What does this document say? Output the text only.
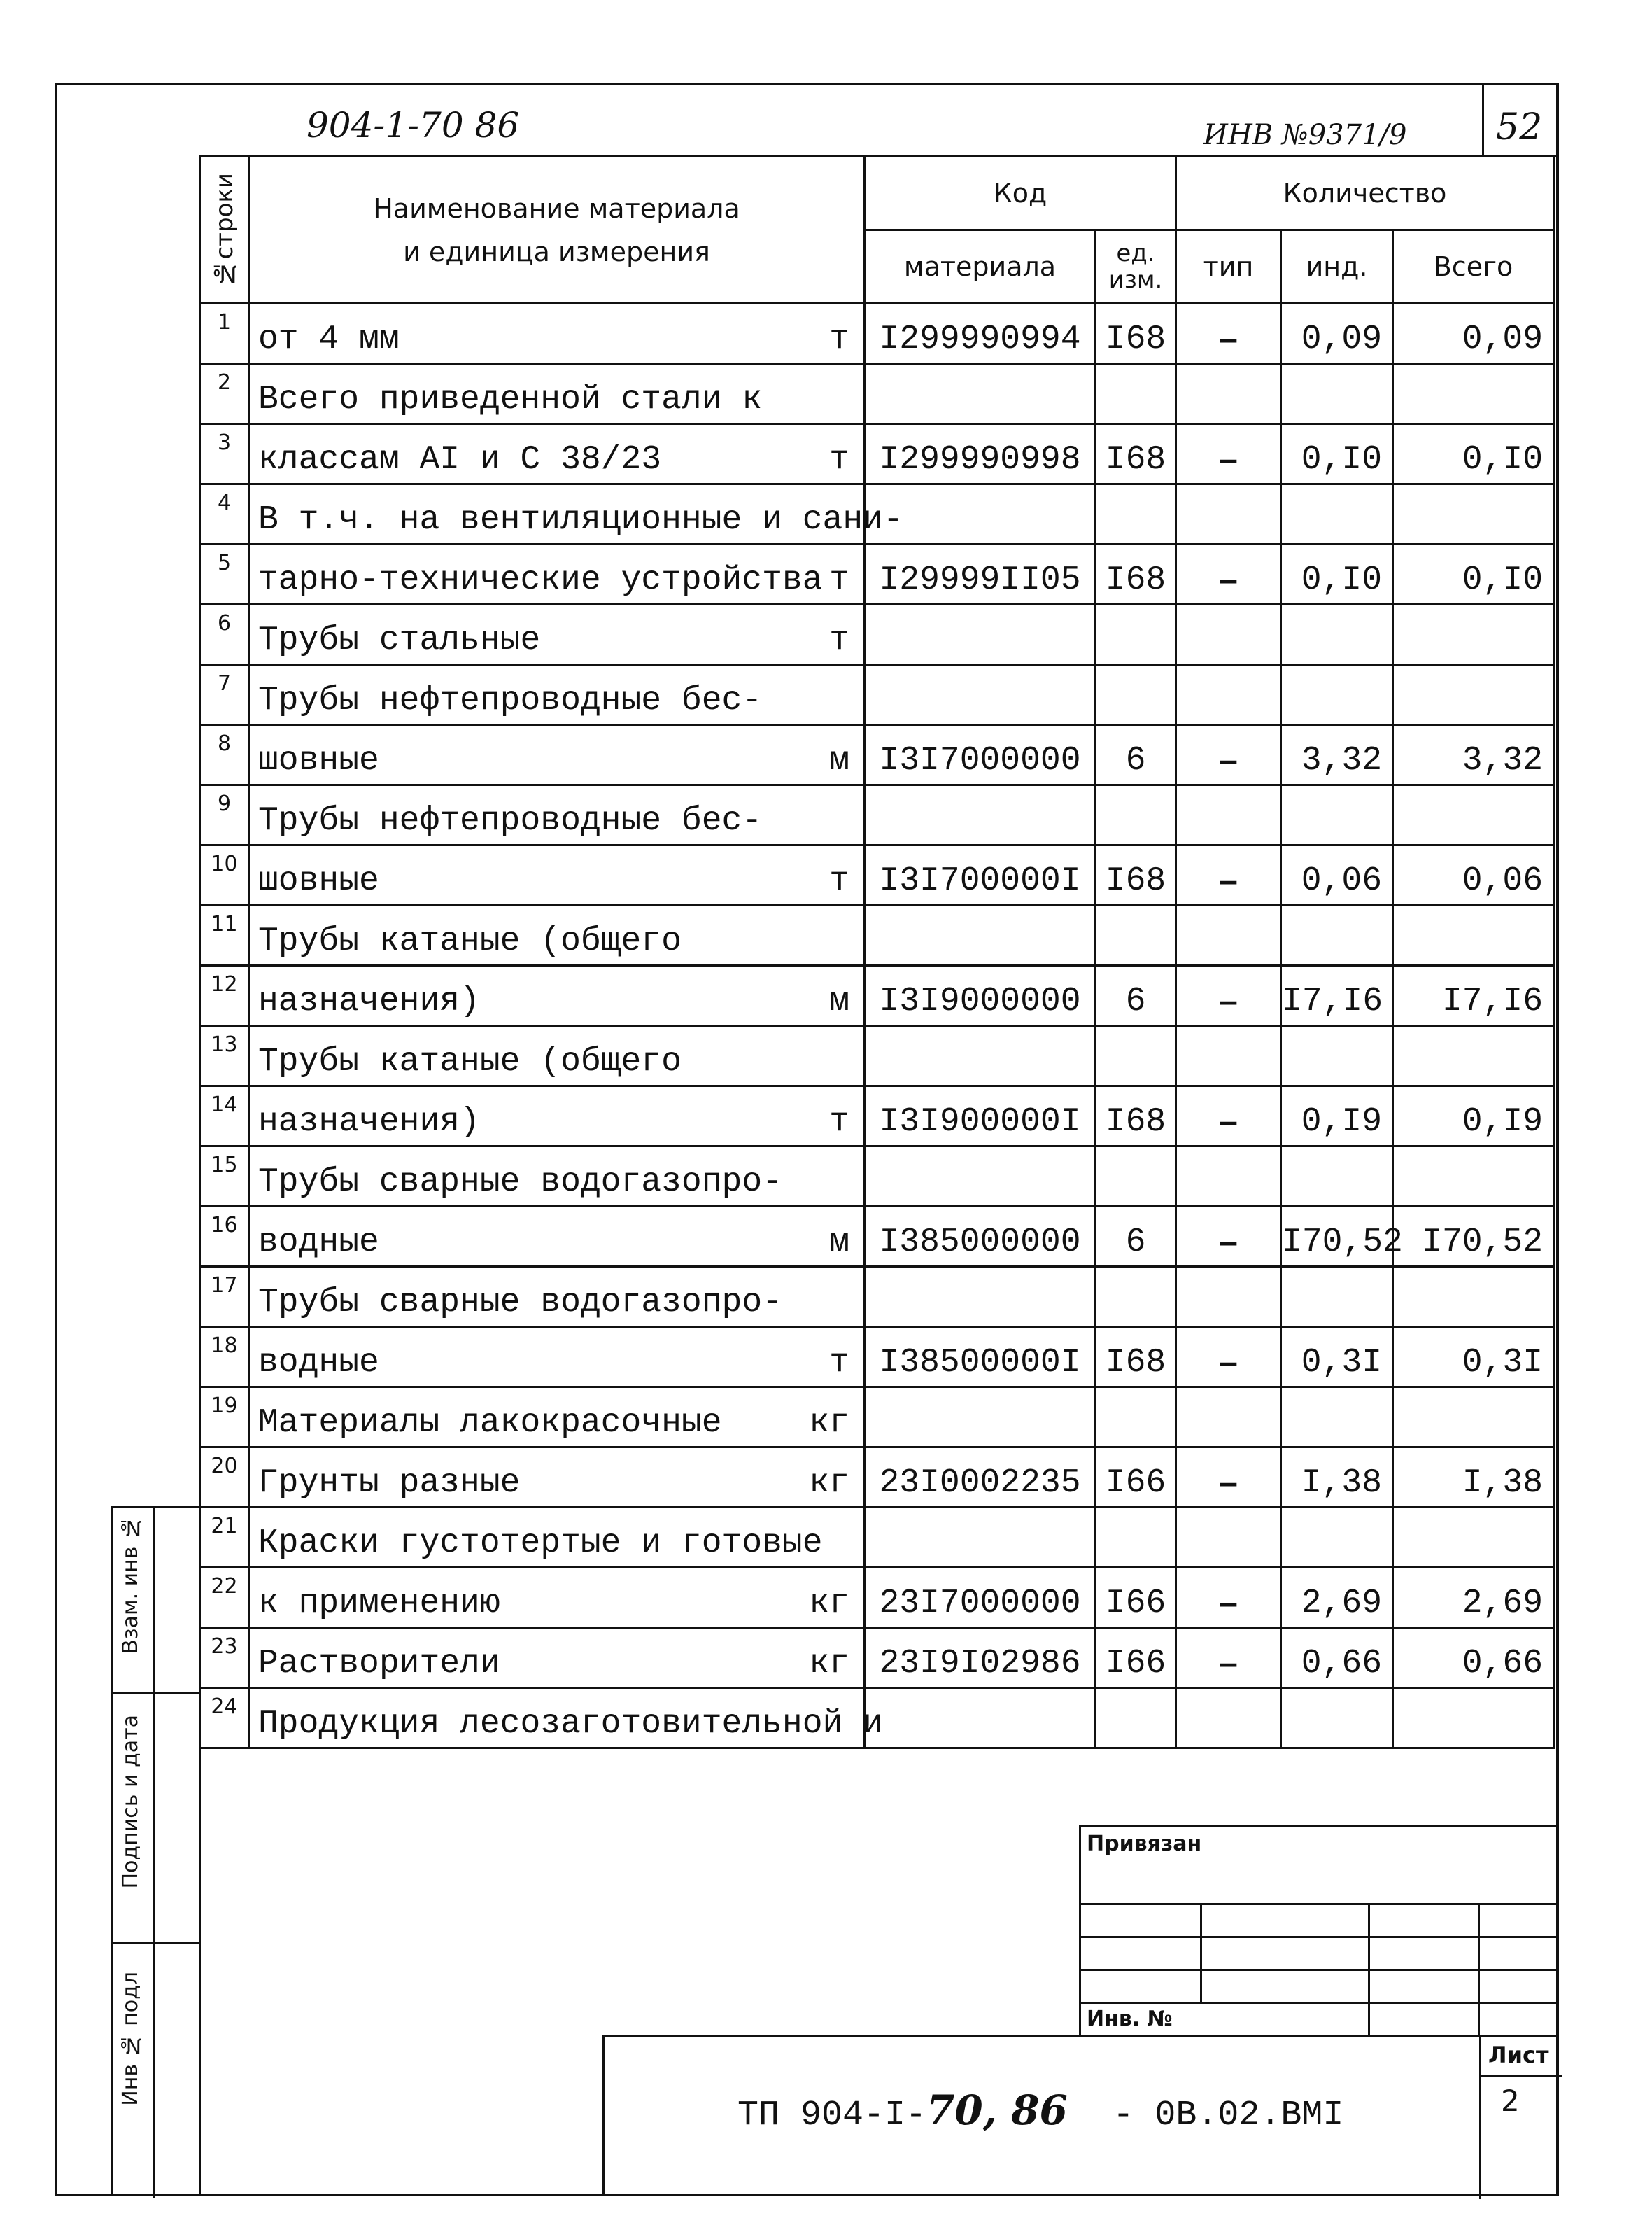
904-1-70 86	ИНВ №9371/9 52
№строки	Наименование материала и единица измерения	Код		Количество		
		материала	ед. изм.	тип	инд.	Всего
1	от 4 мм т	I299990994	I68	–	0,09	0,09
2	Всего приведенной стали к

3	классам AI и С 38/23 т	I299990998	I68	–	0,I0	0,I0
4	В т.ч. на вентиляционные и сани-

5	тарно-технические устройства т	I29999II05	I68	–	0,I0	0,I0
6	Трубы стальные т					

7	Трубы нефтепроводные бес-

8	шовные м	I3I7000000	6	–	3,32	3,32
9	Трубы нефтепроводные бес-

10	шовные т	I3I700000I	I68	–	0,06	0,06
11	Трубы катаные (общего

12	назначения) м	I3I9000000	6	–	I7,I6	I7,I6
13	Трубы катаные (общего

14	назначения) т	I3I900000I	I68	–	0,I9	0,I9
15	Трубы сварные водогазопро-

16	водные м	I385000000	6	–	I70,52	I70,52
17	Трубы сварные водогазопро-

18	водные т	I38500000I	I68	–	0,3I	0,3I
19	Материалы лакокрасочные кг					

20	Грунты разные кг	23I0002235	I66	–	I,38	I,38
21	Краски густотертые и готовые

22	к применению кг	23I7000000	I66	–	2,69	2,69
23	Растворители кг	23I9I02986	I66	–	0,66	0,66
24	Продукция лесозаготовительной и

Взам. инв №
Подпись и дата
Инв № подл
Привязан
Инв. №
ТП 904-I-70, 86 - 0В.02.ВМI
Лист
2
